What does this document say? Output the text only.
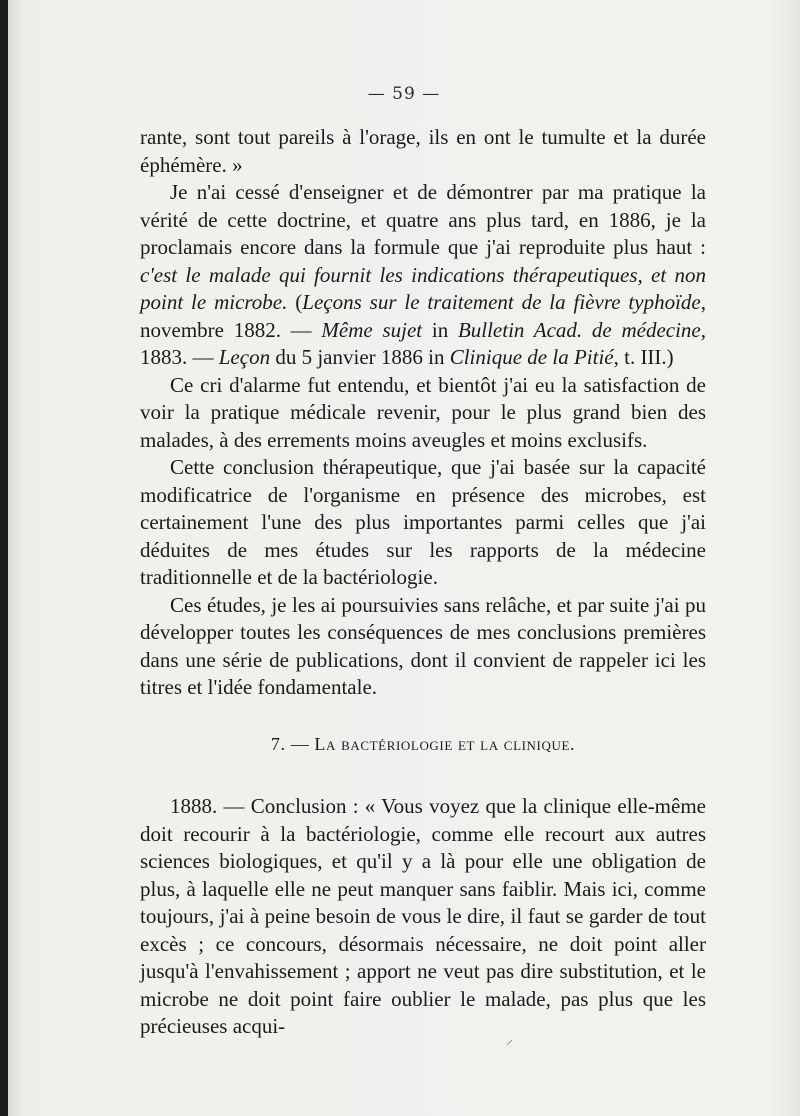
— 59 —

rante, sont tout pareils à l'orage, ils en ont le tumulte et la durée éphémère. »

Je n'ai cessé d'enseigner et de démontrer par ma pratique la vérité de cette doctrine, et quatre ans plus tard, en 1886, je la proclamais encore dans la formule que j'ai reproduite plus haut : c'est le malade qui fournit les indications thérapeutiques, et non point le microbe. (Leçons sur le traitement de la fièvre typhoïde, novembre 1882. — Même sujet in Bulletin Acad. de médecine, 1883. — Leçon du 5 janvier 1886 in Clinique de la Pitié, t. III.)

Ce cri d'alarme fut entendu, et bientôt j'ai eu la satisfaction de voir la pratique médicale revenir, pour le plus grand bien des malades, à des errements moins aveugles et moins exclusifs.

Cette conclusion thérapeutique, que j'ai basée sur la capacité modificatrice de l'organisme en présence des microbes, est certainement l'une des plus importantes parmi celles que j'ai déduites de mes études sur les rapports de la médecine traditionnelle et de la bactériologie.

Ces études, je les ai poursuivies sans relâche, et par suite j'ai pu développer toutes les conséquences de mes conclusions premières dans une série de publications, dont il convient de rappeler ici les titres et l'idée fondamentale.

7. — La bactériologie et la clinique.

1888. — Conclusion : « Vous voyez que la clinique elle-même doit recourir à la bactériologie, comme elle recourt aux autres sciences biologiques, et qu'il y a là pour elle une obligation de plus, à laquelle elle ne peut manquer sans faiblir. Mais ici, comme toujours, j'ai à peine besoin de vous le dire, il faut se garder de tout excès ; ce concours, désormais nécessaire, ne doit point aller jusqu'à l'envahissement ; apport ne veut pas dire substitution, et le microbe ne doit point faire oublier le malade, pas plus que les précieuses acqui-

⸝
